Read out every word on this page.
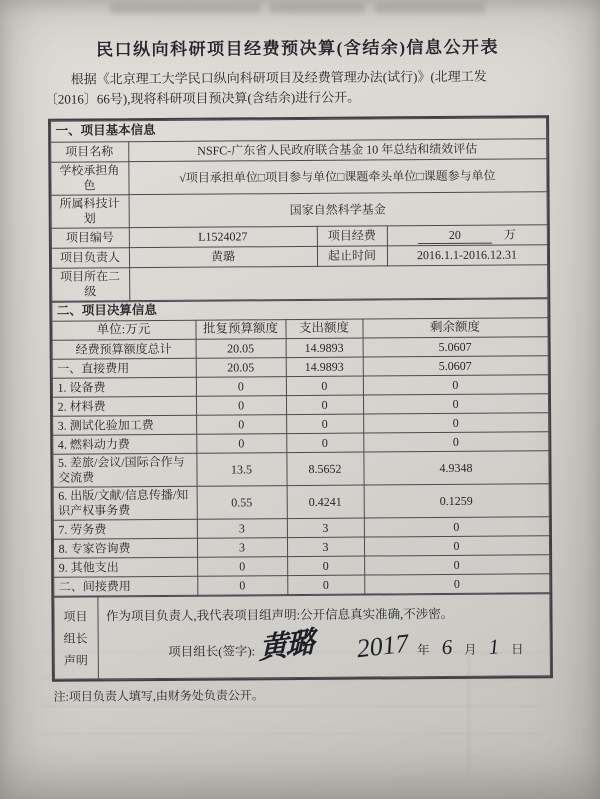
民口纵向科研项目经费预决算(含结余)信息公开表
根据《北京理工大学民口纵向科研项目及经费管理办法(试行)》(北理工发
〔2016〕66号),现将科研项目预决算(含结余)进行公开。
一、项目基本信息			
项目名称	NSFC-广东省人民政府联合基金 10 年总结和绩效评估		
学校承担角色	√项目承担单位□项目参与单位□课题牵头单位□课题参与单位		
所属科技计划	国家自然科学基金		
项目编号	L1524027	项目经费	20 万
项目负责人	黄璐	起止时间	2016.1.1-2016.12.31
项目所在二级			
二、项目决算信息			
单位:万元	批复预算额度	支出额度	剩余额度
经费预算额度总计	20.05	14.9893	5.0607
一、直接费用	20.05	14.9893	5.0607
1. 设备费	0	0	0
2. 材料费	0	0	0
3. 测试化验加工费	0	0	0
4. 燃料动力费	0	0	0
5. 差旅/会议/国际合作与交流费	13.5	8.5652	4.9348
6. 出版/文献/信息传播/知识产权事务费	0.55	0.4241	0.1259
7. 劳务费	3	3	0
8. 专家咨询费	3	3	0
9. 其他支出	0	0	0
二、间接费用	0	0	0
项目
组长
声明

作为项目负责人,我代表项目组声明:公开信息真实准确,不涉密。
项目组长(签字): 黄璐 2017 年 6 月 1 日
注:项目负责人填写,由财务处负责公开。
